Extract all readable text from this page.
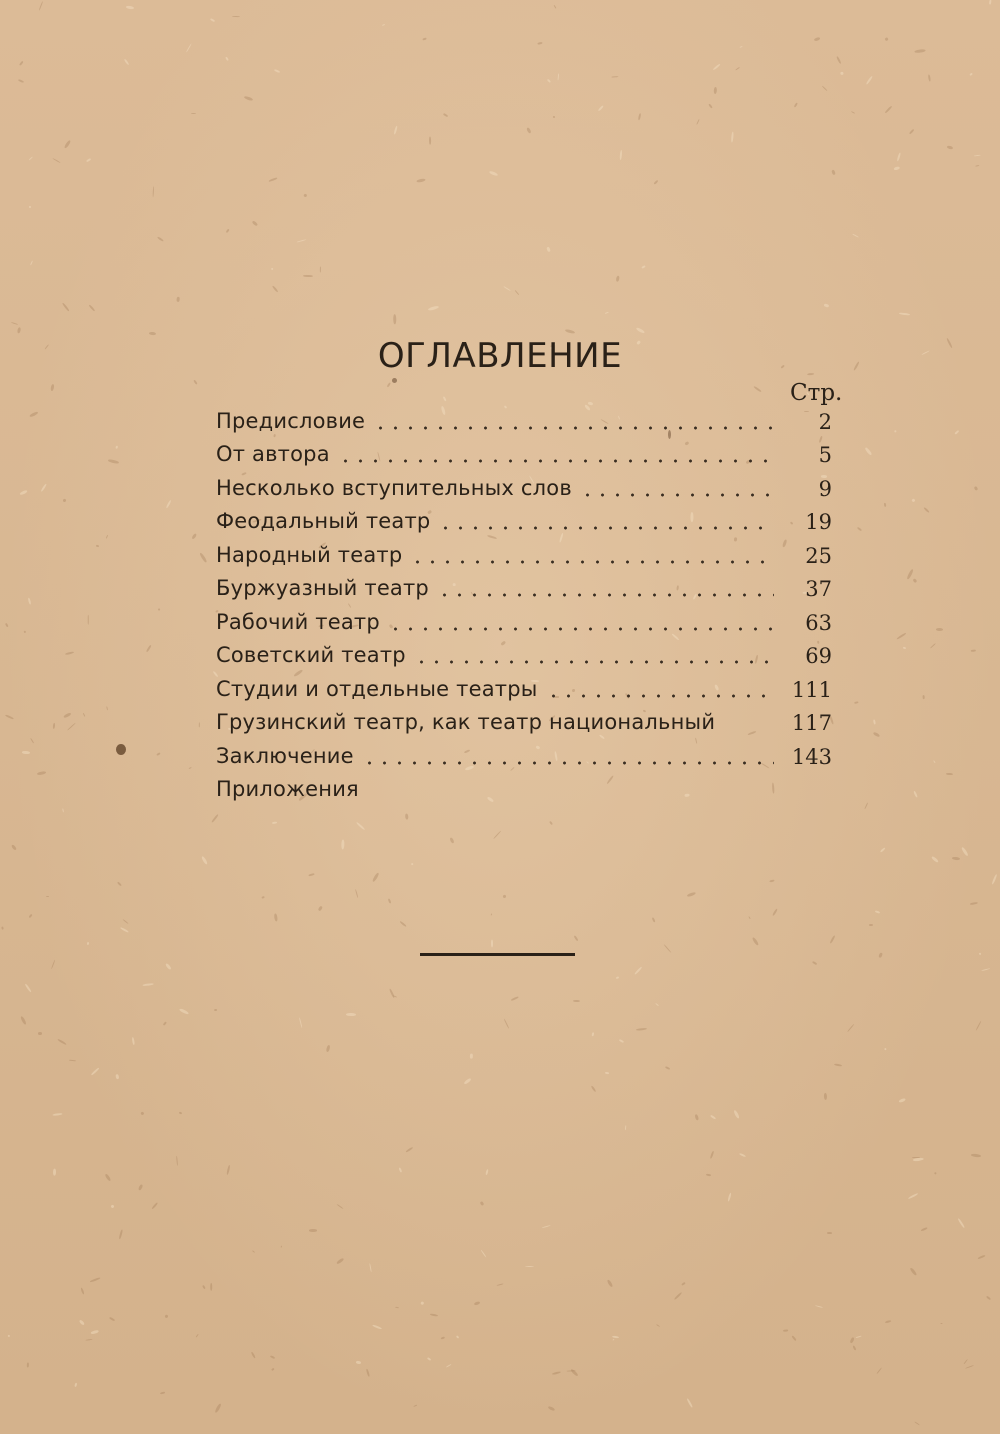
ОГЛАВЛЕНИЕ
Стр.
Предисловие	2
От автора	5
Несколько вступительных слов	9
Феодальный театр	19
Народный театр	25
Буржуазный театр	37
Рабочий театр	63
Советский театр	69
Студии и отдельные театры	111
Грузинский театр, как театр национальный	117
Заключение	143
Приложения
